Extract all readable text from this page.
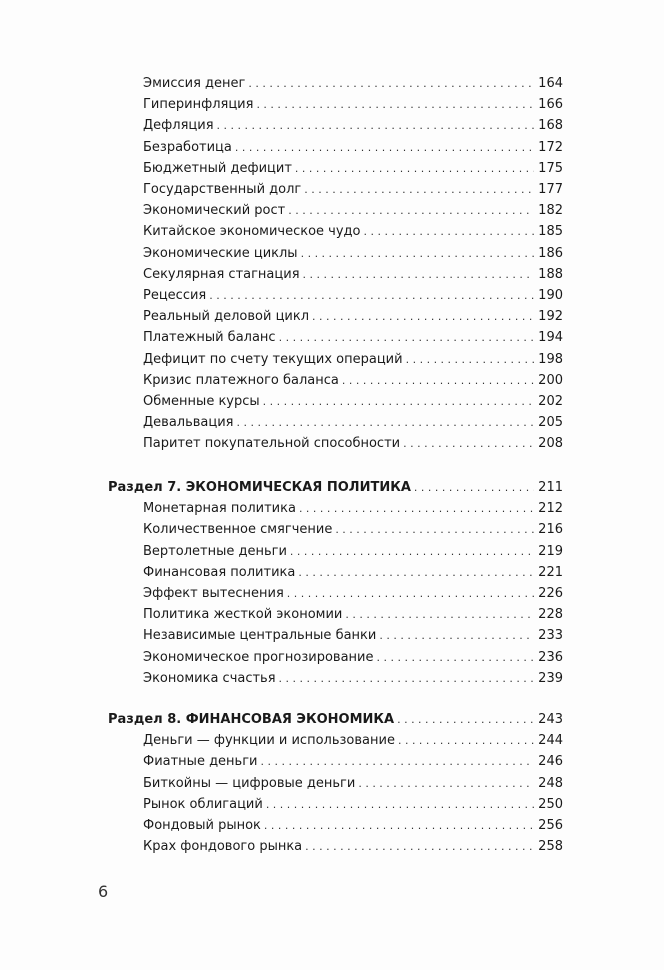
Эмиссия денег . . .	164
Гиперинфляция . . .	166
Дефляция . . .	168
Безработица . . .	172
Бюджетный дефицит . . .	175
Государственный долг . . .	177
Экономический рост . . .	182
Китайское экономическое чудо . . .	185
Экономические циклы . . .	186
Секулярная стагнация . . .	188
Рецессия . . .	190
Реальный деловой цикл . . .	192
Платежный баланс . . .	194
Дефицит по счету текущих операций . . .	198
Кризис платежного баланса . . .	200
Обменные курсы . . .	202
Девальвация . . .	205
Паритет покупательной способности . . .	208
Раздел 7. ЭКОНОМИЧЕСКАЯ ПОЛИТИКА . . .	211
Монетарная политика . . .	212
Количественное смягчение . . .	216
Вертолетные деньги . . .	219
Финансовая политика . . .	221
Эффект вытеснения . . .	226
Политика жесткой экономии . . .	228
Независимые центральные банки . . .	233
Экономическое прогнозирование . . .	236
Экономика счастья . . .	239
Раздел 8. ФИНАНСОВАЯ ЭКОНОМИКА . . .	243
Деньги — функции и использование . . .	244
Фиатные деньги . . .	246
Биткойны — цифровые деньги . . .	248
Рынок облигаций . . .	250
Фондовый рынок . . .	256
Крах фондового рынка . . .	258
6
